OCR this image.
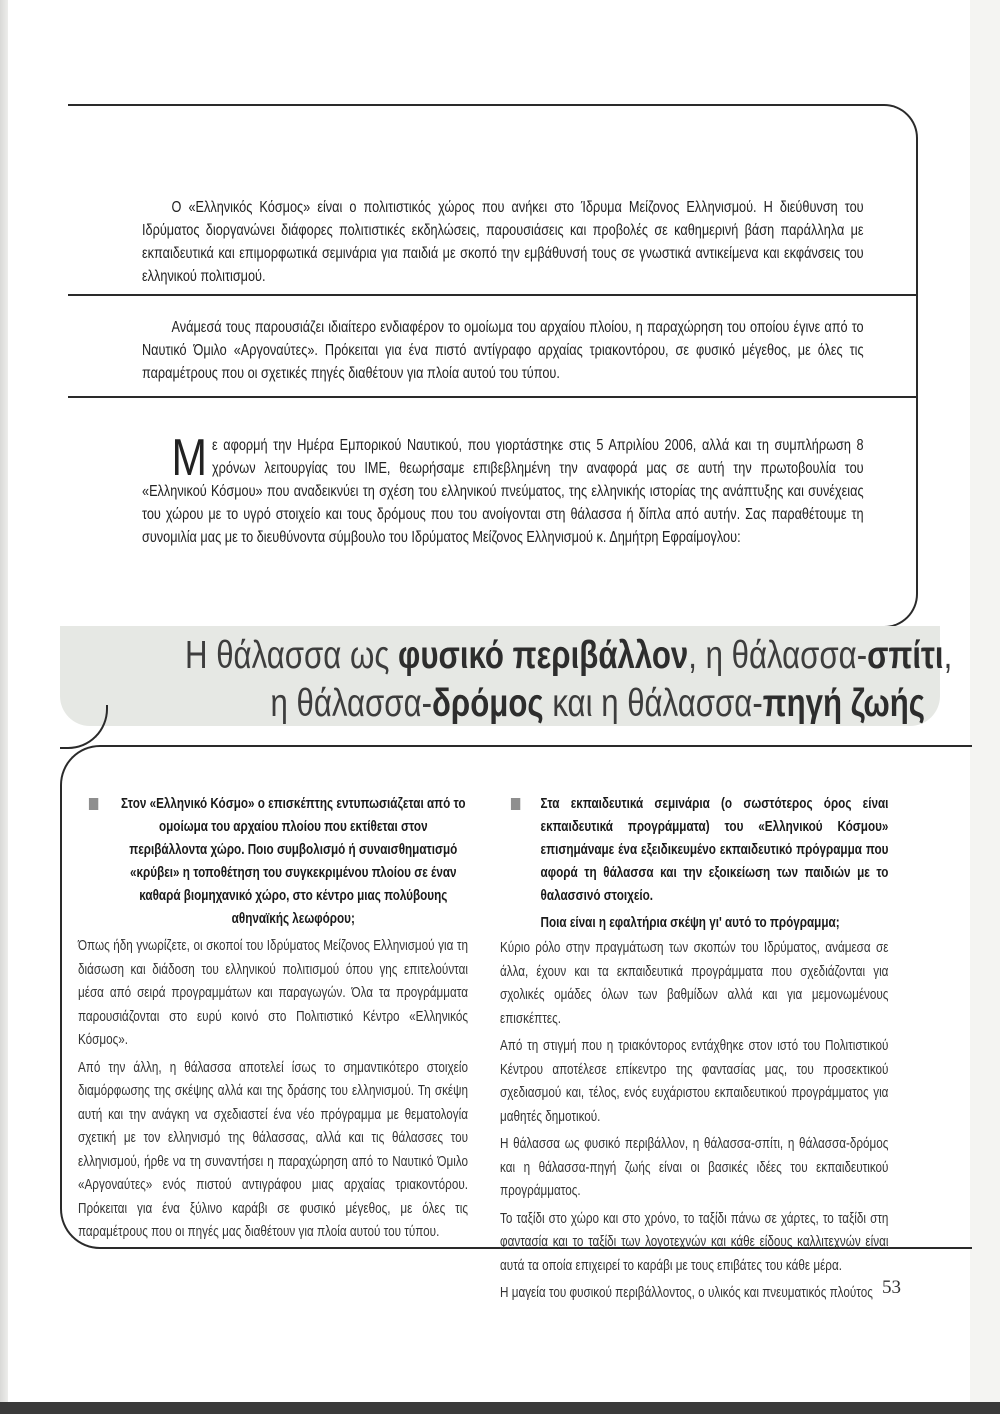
Ο «Ελληνικός Κόσμος» είναι ο πολιτιστικός χώρος που ανήκει στο Ίδρυμα Μείζονος Ελληνισμού. Η διεύθυνση του Ιδρύματος διοργανώνει διάφορες πολιτιστικές εκδηλώσεις, παρουσιάσεις και προβολές σε καθημερινή βάση παράλληλα με εκπαιδευτικά και επιμορφωτικά σεμινάρια για παιδιά με σκοπό την εμβάθυνσή τους σε γνωστικά αντικείμενα και εκφάνσεις του ελληνικού πολιτισμού.

Ανάμεσά τους παρουσιάζει ιδιαίτερο ενδιαφέρον το ομοίωμα του αρχαίου πλοίου, η παραχώρηση του οποίου έγινε από το Ναυτικό Όμιλο «Αργοναύτες». Πρόκειται για ένα πιστό αντίγραφο αρχαίας τριακοντόρου, σε φυσικό μέγεθος, με όλες τις παραμέτρους που οι σχετικές πηγές διαθέτουν για πλοία αυτού του τύπου.

Με αφορμή την Ημέρα Εμπορικού Ναυτικού, που γιορτάστηκε στις 5 Απριλίου 2006, αλλά και τη συμπλήρωση 8 χρόνων λειτουργίας του ΙΜΕ, θεωρήσαμε επιβεβλημένη την αναφορά μας σε αυτή την πρωτοβουλία του «Ελληνικού Κόσμου» που αναδεικνύει τη σχέση του ελληνικού πνεύματος, της ελληνικής ιστορίας της ανάπτυξης και συνέχειας του χώρου με το υγρό στοιχείο και τους δρόμους που του ανοίγονται στη θάλασσα ή δίπλα από αυτήν. Σας παραθέτουμε τη συνομιλία μας με το διευθύνοντα σύμβουλο του Ιδρύματος Μείζονος Ελληνισμού κ. Δημήτρη Εφραίμογλου:

Η θάλασσα ως φυσικό περιβάλλον, η θάλασσα-σπίτι,

η θάλασσα-δρόμος και η θάλασσα-πηγή ζωής

Στον «Ελληνικό Κόσμο» ο επισκέπτης εντυπωσιάζεται από το ομοίωμα του αρχαίου πλοίου που εκτίθεται στον περιβάλλοντα χώρο. Ποιο συμβολισμό ή συναισθηματισμό «κρύβει» η τοποθέτηση του συγκεκριμένου πλοίου σε έναν καθαρά βιομηχανικό χώρο, στο κέντρο μιας πολύβουης αθηναϊκής λεωφόρου;

Όπως ήδη γνωρίζετε, οι σκοποί του Ιδρύματος Μείζονος Ελληνισμού για τη διάσωση και διάδοση του ελληνικού πολιτισμού όπου γης επιτελούνται μέσα από σειρά προγραμμάτων και παραγωγών. Όλα τα προγράμματα παρουσιάζονται στο ευρύ κοινό στο Πολιτιστικό Κέντρο «Ελληνικός Κόσμος».

Από την άλλη, η θάλασσα αποτελεί ίσως το σημαντικότερο στοιχείο διαμόρφωσης της σκέψης αλλά και της δράσης του ελληνισμού. Τη σκέψη αυτή και την ανάγκη να σχεδιαστεί ένα νέο πρόγραμμα με θεματολογία σχετική με τον ελληνισμό της θάλασσας, αλλά και τις θάλασσες του ελληνισμού, ήρθε να τη συναντήσει η παραχώρηση από το Ναυτικό Όμιλο «Αργοναύτες» ενός πιστού αντιγράφου μιας αρχαίας τριακοντόρου. Πρόκειται για ένα ξύλινο καράβι σε φυσικό μέγεθος, με όλες τις παραμέτρους που οι πηγές μας διαθέτουν για πλοία αυτού του τύπου.

Στα εκπαιδευτικά σεμινάρια (ο σωστότερος όρος είναι εκπαιδευτικά προγράμματα) του «Ελληνικού Κόσμου» επισημάναμε ένα εξειδικευμένο εκπαιδευτικό πρόγραμμα που αφορά τη θάλασσα και την εξοικείωση των παιδιών με το θαλασσινό στοιχείο.

Ποια είναι η εφαλτήρια σκέψη γι' αυτό το πρόγραμμα;

Κύριο ρόλο στην πραγμάτωση των σκοπών του Ιδρύματος, ανάμεσα σε άλλα, έχουν και τα εκπαιδευτικά προγράμματα που σχεδιάζονται για σχολικές ομάδες όλων των βαθμίδων αλλά και για μεμονωμένους επισκέπτες.

Από τη στιγμή που η τριακόντορος εντάχθηκε στον ιστό του Πολιτιστικού Κέντρου αποτέλεσε επίκεντρο της φαντασίας μας, του προσεκτικού σχεδιασμού και, τέλος, ενός ευχάριστου εκπαιδευτικού προγράμματος για μαθητές δημοτικού.

Η θάλασσα ως φυσικό περιβάλλον, η θάλασσα-σπίτι, η θάλασσα-δρόμος και η θάλασσα-πηγή ζωής είναι οι βασικές ιδέες του εκπαιδευτικού προγράμματος.

Το ταξίδι στο χώρο και στο χρόνο, το ταξίδι πάνω σε χάρτες, το ταξίδι στη φαντασία και το ταξίδι των λογοτεχνών και κάθε είδους καλλιτεχνών είναι αυτά τα οποία επιχειρεί το καράβι με τους επιβάτες του κάθε μέρα.

Η μαγεία του φυσικού περιβάλλοντος, ο υλικός και πνευματικός πλούτος 53
